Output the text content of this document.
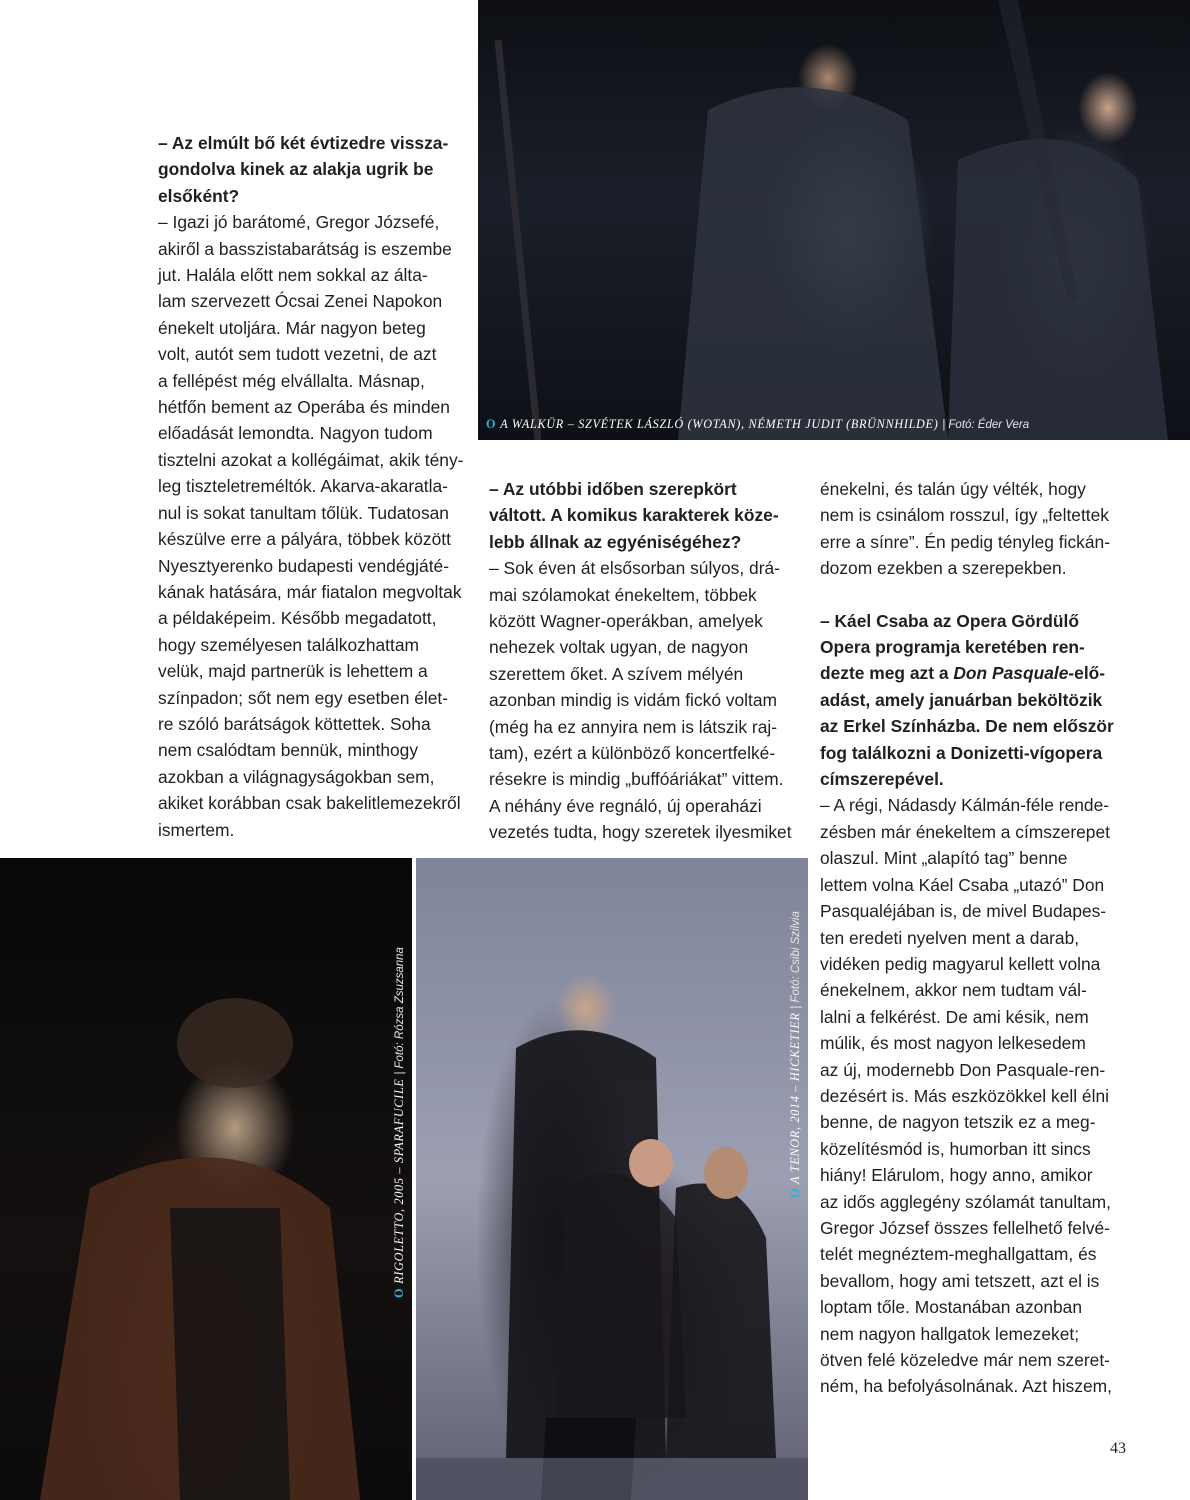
– Az elmúlt bő két évtizedre vissza-

gondolva kinek az alakja ugrik be

elsőként?

– Igazi jó barátomé, Gregor Józsefé,

akiről a basszistabarátság is eszembe

jut. Halála előtt nem sokkal az álta-

lam szervezett Ócsai Zenei Napokon

énekelt utoljára. Már nagyon beteg

volt, autót sem tudott vezetni, de azt

a fellépést még elvállalta. Másnap,

hétfőn bement az Operába és minden

előadását lemondta. Nagyon tudom

tisztelni azokat a kollégáimat, akik tény-

leg tiszteletreméltók. Akarva-akaratla-

nul is sokat tanultam tőlük. Tudatosan

készülve erre a pályára, többek között

Nyesztyerenko budapesti vendégjáté-

kának hatására, már fiatalon megvoltak

a példaképeim. Később megadatott,

hogy személyesen találkozhattam

velük, majd partnerük is lehettem a

színpadon; sőt nem egy esetben élet-

re szóló barátságok köttettek. Soha

nem csalódtam bennük, minthogy

azokban a világnagyságokban sem,

akiket korábban csak bakelitlemezekről

ismertem.

O A WALKÜR – SZVÉTEK LÁSZLÓ (WOTAN), NÉMETH JUDIT (BRÜNNHILDE) | Fotó: Éder Vera

– Az utóbbi időben szerepkört

váltott. A komikus karakterek köze-

lebb állnak az egyéniségéhez?

– Sok éven át elsősorban súlyos, drá-

mai szólamokat énekeltem, többek

között Wagner-operákban, amelyek

nehezek voltak ugyan, de nagyon

szerettem őket. A szívem mélyén

azonban mindig is vidám fickó voltam

(még ha ez annyira nem is látszik raj-

tam), ezért a különböző koncertfelké-

résekre is mindig „buffóáriákat” vittem.

A néhány éve regnáló, új operaházi

vezetés tudta, hogy szeretek ilyesmiket

énekelni, és talán úgy vélték, hogy

nem is csinálom rosszul, így „feltettek

erre a sínre”. Én pedig tényleg fickán-

dozom ezekben a szerepekben.

– Káel Csaba az Opera Gördülő

Opera programja keretében ren-

dezte meg azt a Don Pasquale-elő-

adást, amely januárban beköltözik

az Erkel Színházba. De nem először

fog találkozni a Donizetti-vígopera

címszerepével.

– A régi, Nádasdy Kálmán-féle rende-

zésben már énekeltem a címszerepet

olaszul. Mint „alapító tag” benne

lettem volna Káel Csaba „utazó” Don

Pasqualéjában is, de mivel Budapes-

ten eredeti nyelven ment a darab,

vidéken pedig magyarul kellett volna

énekelnem, akkor nem tudtam vál-

lalni a felkérést. De ami késik, nem

múlik, és most nagyon lelkesedem

az új, modernebb Don Pasquale-ren-

dezésért is. Más eszközökkel kell élni

benne, de nagyon tetszik ez a meg-

közelítésmód is, humorban itt sincs

hiány! Elárulom, hogy anno, amikor

az idős agglegény szólamát tanultam,

Gregor József összes fellelhető felvé-

telét megnéztem-meghallgattam, és

bevallom, hogy ami tetszett, azt el is

loptam tőle. Mostanában azonban

nem nagyon hallgatok lemezeket;

ötven felé közeledve már nem szeret-

ném, ha befolyásolnának. Azt hiszem,

ORIGOLETTO, 2005 – SPARAFUCILE | Fotó: Rózsa Zsuzsanna
OA TENOR, 2014 – HICKETIER | Fotó: Csibi Szilvia
43
